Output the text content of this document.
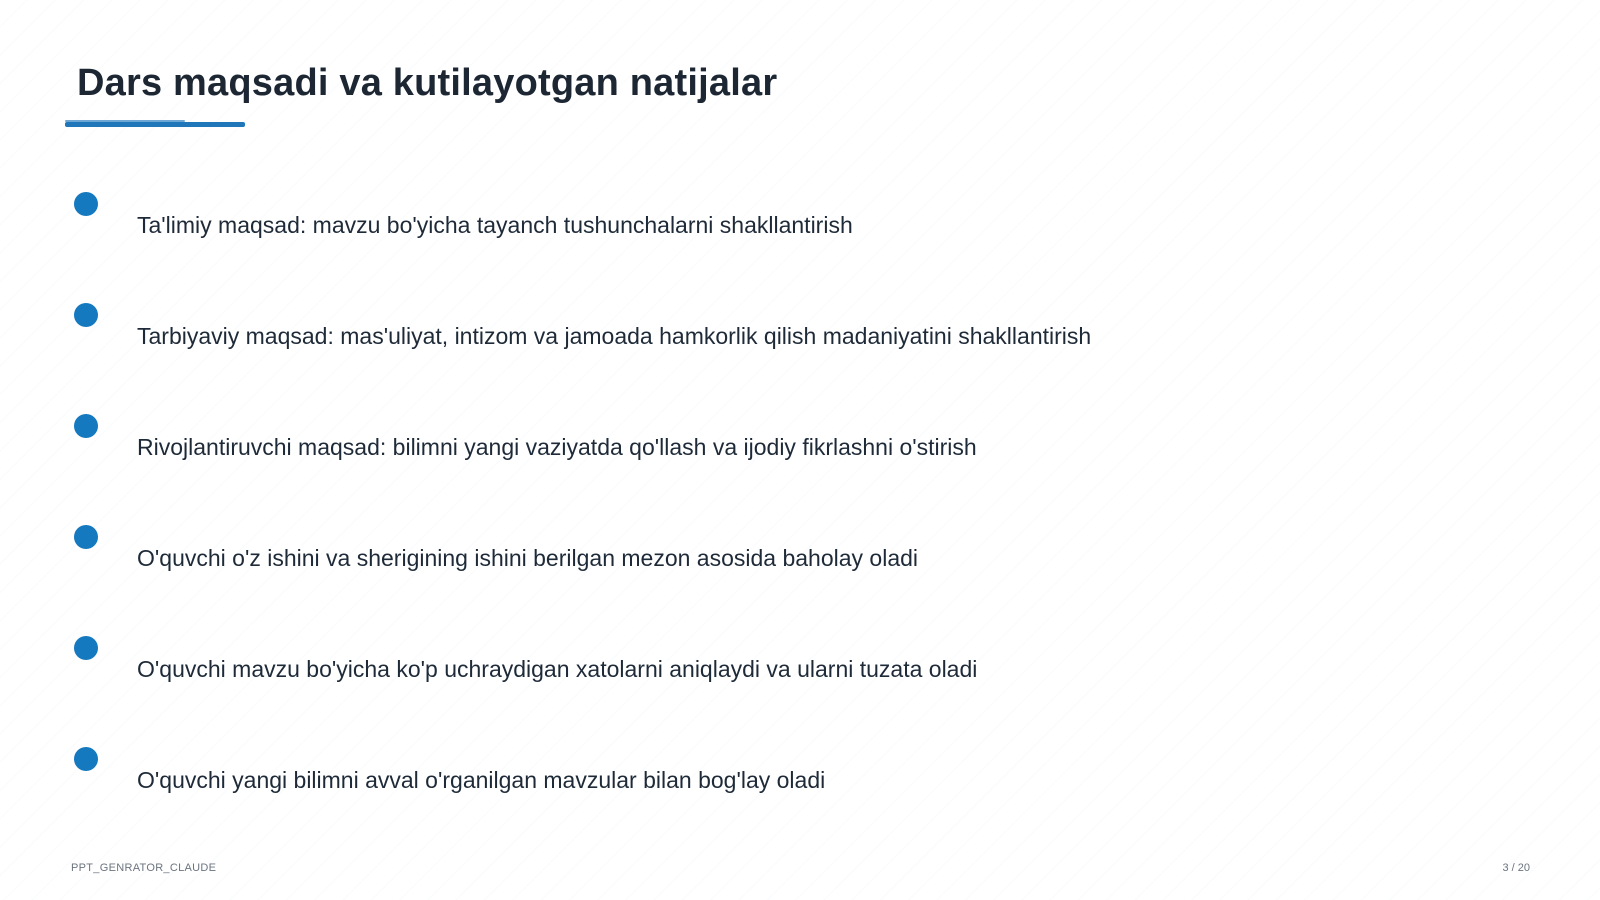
Dars maqsadi va kutilayotgan natijalar
Ta'limiy maqsad: mavzu bo'yicha tayanch tushunchalarni shakllantirish
Tarbiyaviy maqsad: mas'uliyat, intizom va jamoada hamkorlik qilish madaniyatini shakllantirish
Rivojlantiruvchi maqsad: bilimni yangi vaziyatda qo'llash va ijodiy fikrlashni o'stirish
O'quvchi o'z ishini va sherigining ishini berilgan mezon asosida baholay oladi
O'quvchi mavzu bo'yicha ko'p uchraydigan xatolarni aniqlaydi va ularni tuzata oladi
O'quvchi yangi bilimni avval o'rganilgan mavzular bilan bog'lay oladi
PPT_GENRATOR_CLAUDE	3 / 20
